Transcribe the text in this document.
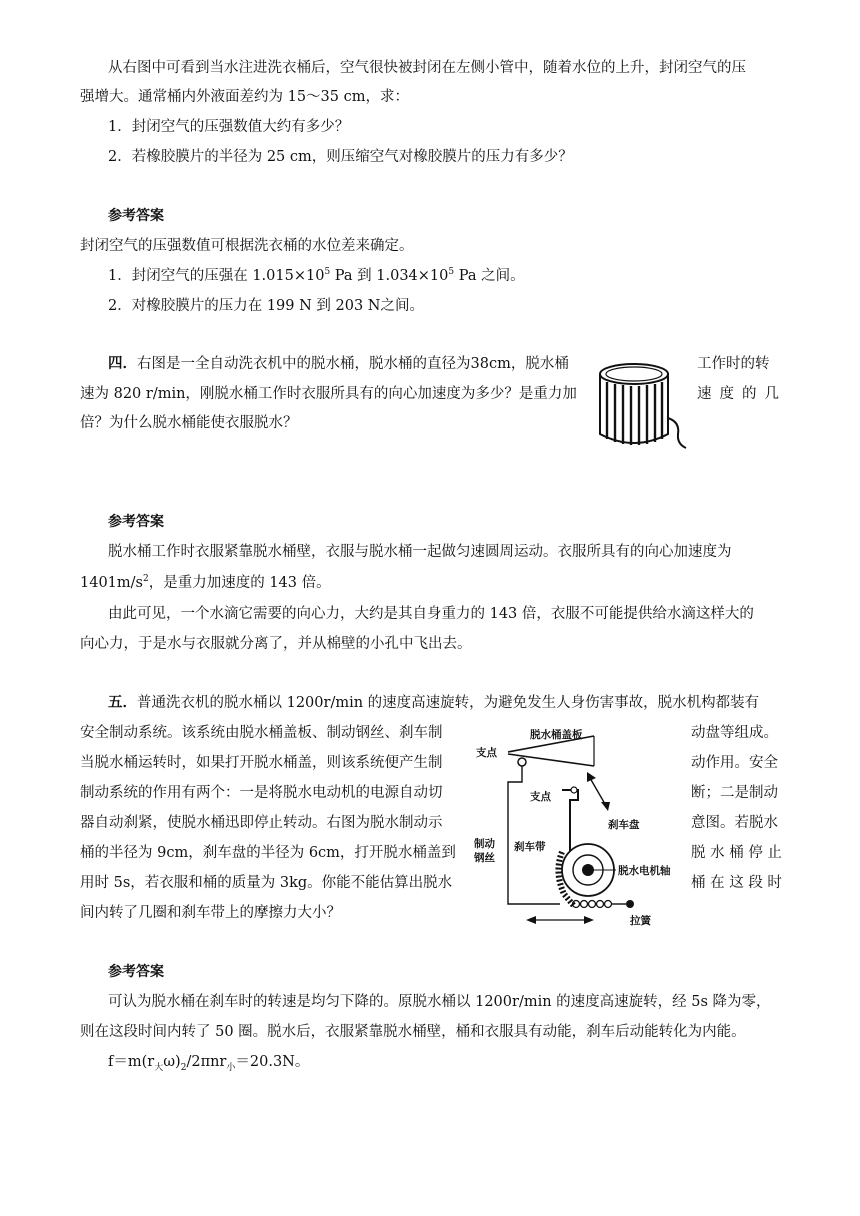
从右图中可看到当水注进洗衣桶后，空气很快被封闭在左侧小管中，随着水位的上升，封闭空气的压
强增大。通常桶内外液面差约为 15～35 cm，求：
1．封闭空气的压强数值大约有多少？
2．若橡胶膜片的半径为 25 cm，则压缩空气对橡胶膜片的压力有多少？
参考答案
封闭空气的压强数值可根据洗衣桶的水位差来确定。
1．封闭空气的压强在 $1.015\times 10^5$ Pa 到 $1.034\times 10^5$ Pa 之间。
2．对橡胶膜片的压力在 199 N 到 203 N之间。
四．右图是一全自动洗衣机中的脱水桶，脱水桶的直径为38cm，脱水桶	工作时的转
速为 820 r/min，刚脱水桶工作时衣服所具有的向心加速度为多少？是重力加	速 度 的 几
倍？为什么脱水桶能使衣服脱水？
参考答案
脱水桶工作时衣服紧靠脱水桶壁，衣服与脱水桶一起做匀速圆周运动。衣服所具有的向心加速度为
$1401m/s^2$，是重力加速度的 143 倍。
由此可见，一个水滴它需要的向心力，大约是其自身重力的 143 倍，衣服不可能提供给水滴这样大的
向心力，于是水与衣服就分离了，并从棉壁的小孔中飞出去。
五．普通洗衣机的脱水桶以 1200r/min 的速度高速旋转，为避免发生人身伤害事故，脱水机构都装有
安全制动系统。该系统由脱水桶盖板、制动钢丝、刹车制	动盘等组成。
当脱水桶运转时，如果打开脱水桶盖，则该系统便产生制	动作用。安全
制动系统的作用有两个：一是将脱水电动机的电源自动切	断；二是制动
器自动刹紧，使脱水桶迅即停止转动。右图为脱水制动示	意图。若脱水
桶的半径为 9cm，刹车盘的半径为 6cm，打开脱水桶盖到	脱 水 桶 停 止
用时 5s，若衣服和桶的质量为 3kg。你能不能估算出脱水	桶 在 这 段 时
间内转了几圈和刹车带上的摩擦力大小？
脱水桶盖板
支点
支点
刹车盘
刹车带
制动
钢丝
脱水电机轴
拉簧
参考答案
可认为脱水桶在刹车时的转速是均匀下降的。原脱水桶以 1200r/min 的速度高速旋转，经 5s 降为零，
则在这段时间内转了 50 圈。脱水后，衣服紧靠脱水桶壁，桶和衣服具有动能，刹车后动能转化为内能。
$f=m(r_大\omega)_2/2\pi nr_小=20.3N$。
